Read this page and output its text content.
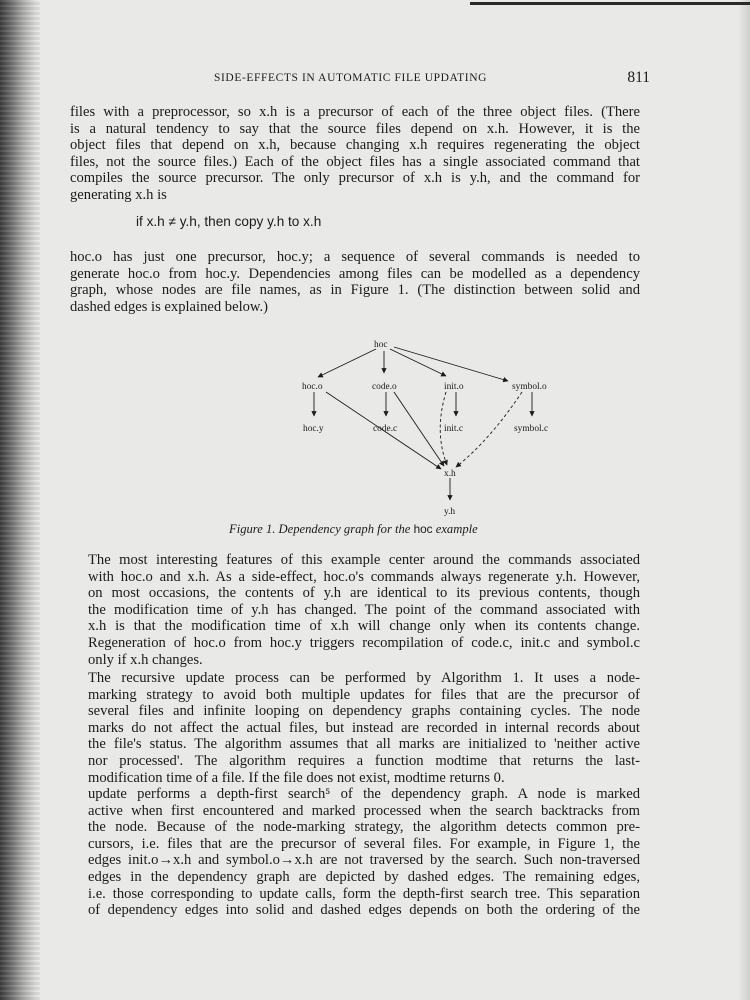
SIDE-EFFECTS IN AUTOMATIC FILE UPDATING	811
files with a preprocessor, so x.h is a precursor of each of the three object files. (There
is a natural tendency to say that the source files depend on x.h. However, it is the
object files that depend on x.h, because changing x.h requires regenerating the object
files, not the source files.) Each of the object files has a single associated command that
compiles the source precursor. The only precursor of x.h is y.h, and the command for
generating x.h is
if x.h ≠ y.h, then copy y.h to x.h
hoc.o has just one precursor, hoc.y; a sequence of several commands is needed to
generate hoc.o from hoc.y. Dependencies among files can be modelled as a dependency
graph, whose nodes are file names, as in Figure 1. (The distinction between solid and
dashed edges is explained below.)
hoc
hoc.o	code.o	init.o	symbol.o
hoc.y	code.c	init.c	symbol.c
x.h
y.h
Figure 1. Dependency graph for the hoc example
The most interesting features of this example center around the commands associated
with hoc.o and x.h. As a side-effect, hoc.o's commands always regenerate y.h. However,
on most occasions, the contents of y.h are identical to its previous contents, though
the modification time of y.h has changed. The point of the command associated with
x.h is that the modification time of x.h will change only when its contents change.
Regeneration of hoc.o from hoc.y triggers recompilation of code.c, init.c and symbol.c
only if x.h changes.
The recursive update process can be performed by Algorithm 1. It uses a node-
marking strategy to avoid both multiple updates for files that are the precursor of
several files and infinite looping on dependency graphs containing cycles. The node
marks do not affect the actual files, but instead are recorded in internal records about
the file's status. The algorithm assumes that all marks are initialized to 'neither active
nor processed'. The algorithm requires a function modtime that returns the last-
modification time of a file. If the file does not exist, modtime returns 0.
update performs a depth-first search⁵ of the dependency graph. A node is marked
active when first encountered and marked processed when the search backtracks from
the node. Because of the node-marking strategy, the algorithm detects common pre-
cursors, i.e. files that are the precursor of several files. For example, in Figure 1, the
edges init.o→x.h and symbol.o→x.h are not traversed by the search. Such non-traversed
edges in the dependency graph are depicted by dashed edges. The remaining edges,
i.e. those corresponding to update calls, form the depth-first search tree. This separation
of dependency edges into solid and dashed edges depends on both the ordering of the
